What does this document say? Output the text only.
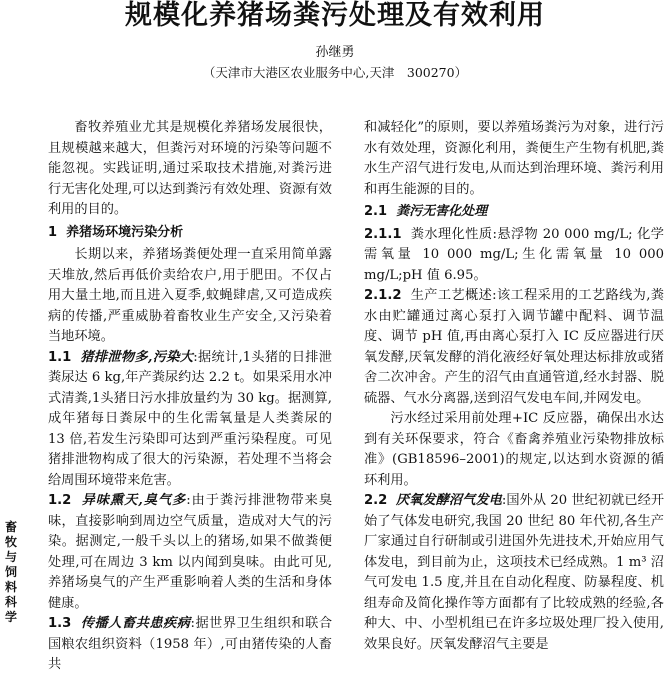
规模化养猪场粪污处理及有效利用
孙继勇
（天津市大港区农业服务中心,天津　300270）
畜
牧
与
饲
料
科
学

畜牧养殖业尤其是规模化养猪场发展很快，且规模越来越大，但粪污对环境的污染等问题不能忽视。实践证明,通过采取技术措施,对粪污进行无害化处理,可以达到粪污有效处理、资源有效利用的目的。

1 养猪场环境污染分析

长期以来，养猪场粪便处理一直采用简单露天堆放,然后再低价卖给农户,用于肥田。不仅占用大量土地,而且进入夏季,蚊蝇肆虐,又可造成疾病的传播,严重威胁着畜牧业生产安全,又污染着当地环境。

1.1 猪排泄物多,污染大:据统计,1头猪的日排泄粪尿达 6 kg,年产粪尿约达 2.2 t。如果采用水冲式清粪,1头猪日污水排放量约为 30 kg。据测算,成年猪每日粪尿中的生化需氧量是人类粪尿的 13 倍,若发生污染即可达到严重污染程度。可见猪排泄物构成了很大的污染源，若处理不当将会给周围环境带来危害。

1.2 异味熏天,臭气多:由于粪污排泄物带来臭味，直接影响到周边空气质量，造成对大气的污染。据测定,一般千头以上的猪场,如果不做粪便处理,可在周边 3 km 以内闻到臭味。由此可见,养猪场臭气的产生严重影响着人类的生活和身体健康。

1.3 传播人畜共患疾病:据世界卫生组织和联合国粮农组织资料（1958 年）,可由猪传染的人畜共

和减轻化”的原则，要以养殖场粪污为对象，进行污水有效处理，资源化利用，粪便生产生物有机肥,粪水生产沼气进行发电,从而达到治理环境、粪污利用和再生能源的目的。

2.1 粪污无害化处理

2.1.1 粪水理化性质:悬浮物 20 000 mg/L; 化学需氧量 10 000 mg/L;生化需氧量 10 000 mg/L;pH 值 6.95。

2.1.2 生产工艺概述:该工程采用的工艺路线为,粪水由贮罐通过离心泵打入调节罐中配料、调节温度、调节 pH 值,再由离心泵打入 IC 反应器进行厌氧发酵,厌氧发酵的消化液经好氧处理达标排放或猪舍二次冲舍。产生的沼气由直通管道,经水封器、脱硫器、气水分离器,送到沼气发电车间,并网发电。

污水经过采用前处理+IC 反应器，确保出水达到有关环保要求，符合《畜禽养殖业污染物排放标准》(GB18596–2001)的规定,以达到水资源的循环利用。

2.2 厌氧发酵沼气发电:国外从 20 世纪初就已经开始了气体发电研究,我国 20 世纪 80 年代初,各生产厂家通过自行研制或引进国外先进技术,开始应用气体发电，到目前为止，这项技术已经成熟。1 m³ 沼气可发电 1.5 度,并且在自动化程度、防暴程度、机组寿命及简化操作等方面都有了比较成熟的经验,各种大、中、小型机组已在许多垃圾处理厂投入使用,效果良好。厌氧发酵沼气主要是
